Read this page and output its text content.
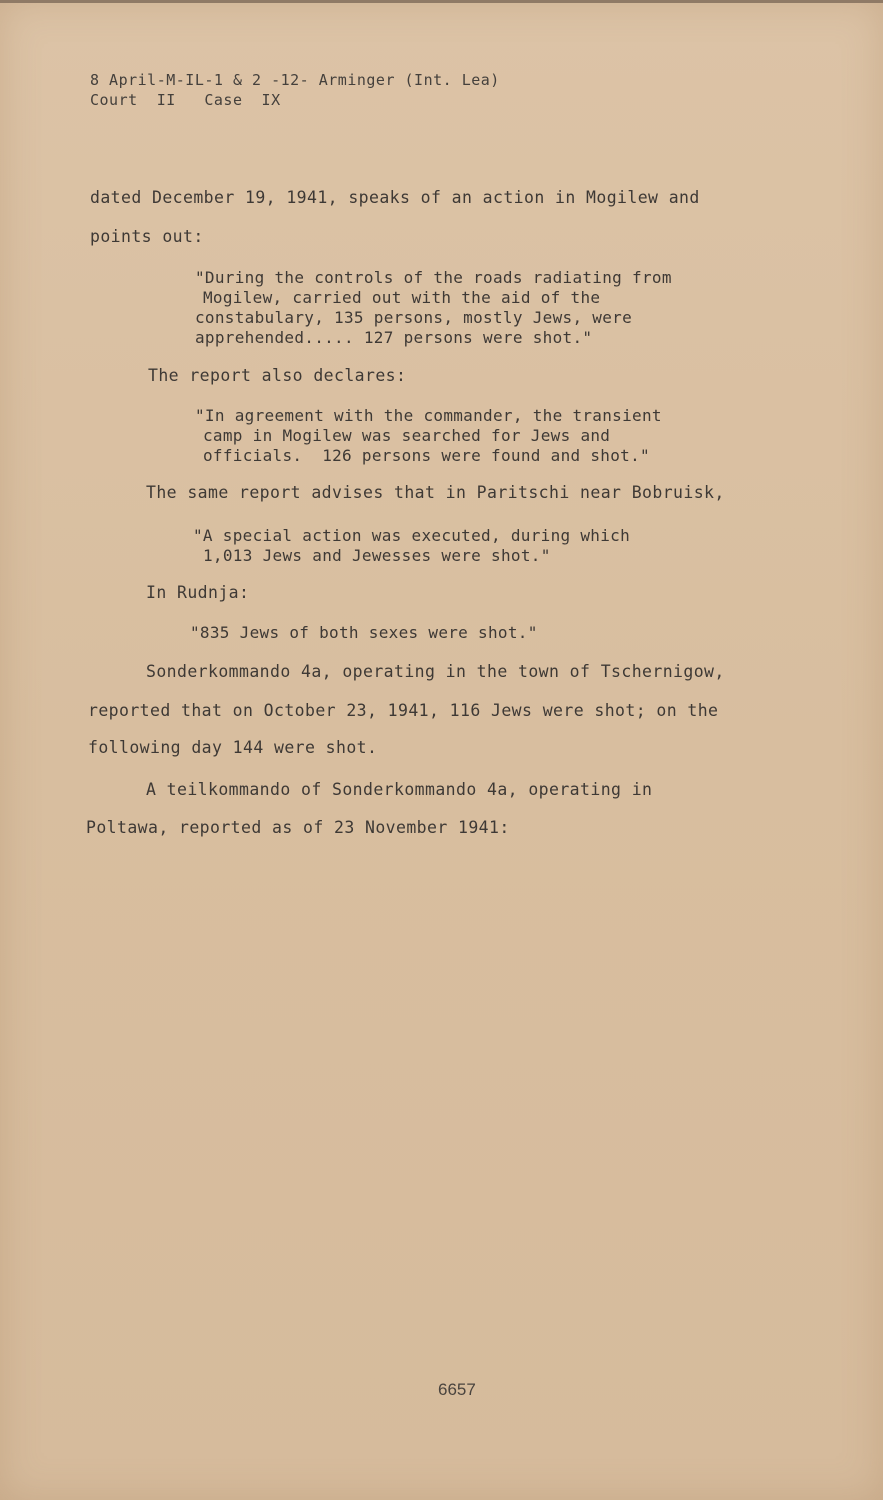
8 April-M-IL-1 & 2 -12- Arminger (Int. Lea)
Court  II   Case  IX
dated December 19, 1941, speaks of an action in Mogilew and
points out:
"During the controls of the roads radiating from
Mogilew, carried out with the aid of the
constabulary, 135 persons, mostly Jews, were
apprehended..... 127 persons were shot."
The report also declares:
"In agreement with the commander, the transient
camp in Mogilew was searched for Jews and
officials.  126 persons were found and shot."
The same report advises that in Paritschi near Bobruisk,
"A special action was executed, during which
1,013 Jews and Jewesses were shot."
In Rudnja:
"835 Jews of both sexes were shot."
Sonderkommando 4a, operating in the town of Tschernigow,
reported that on October 23, 1941, 116 Jews were shot; on the
following day 144 were shot.
A teilkommando of Sonderkommando 4a, operating in
Poltawa, reported as of 23 November 1941:
6657
